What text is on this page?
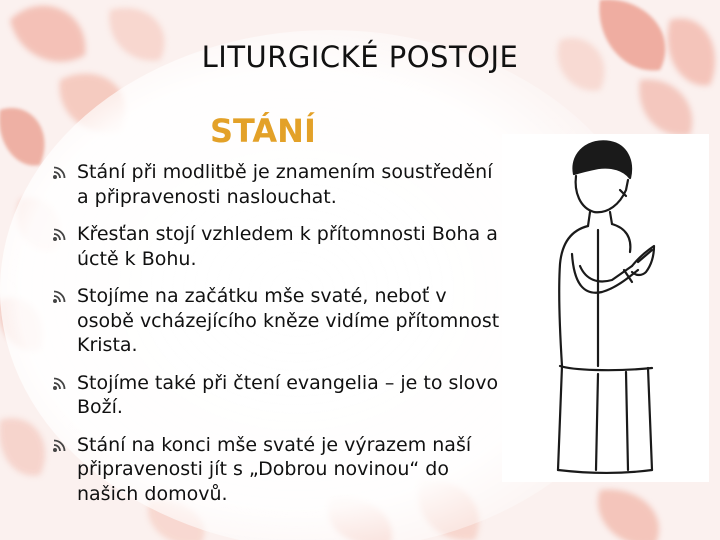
LITURGICKÉ POSTOJE
STÁNÍ
Stání při modlitbě je znamením soustředění a připravenosti naslouchat.
Křesťan stojí vzhledem k přítomnosti Boha a úctě k Bohu.
Stojíme na začátku mše svaté, neboť v osobě vcházejícího kněze vidíme přítomnost Krista.
Stojíme také při čtení evangelia – je to slovo Boží.
Stání na konci mše svaté je výrazem naší připravenosti jít s „Dobrou novinou“ do našich domovů.
